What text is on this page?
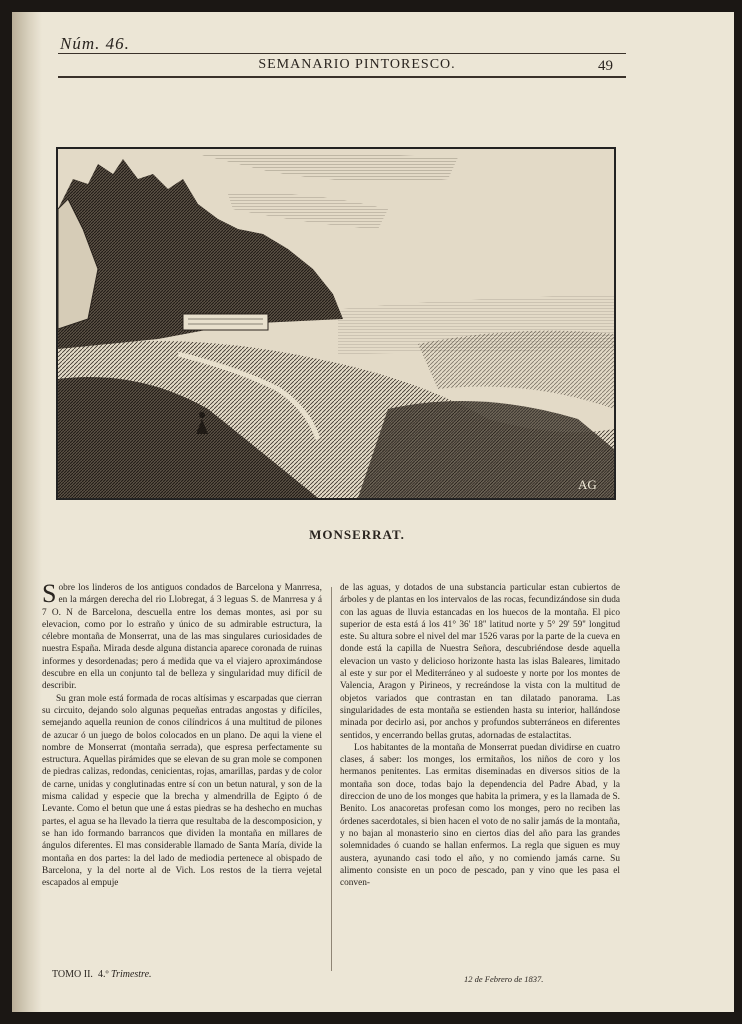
Núm. 46.
SEMANARIO PINTORESCO.	49
AG
MONSERRAT.

Sobre los linderos de los antiguos condados de Barcelona y Manrresa, en la márgen derecha del rio Llobregat, á 3 leguas S. de Manrresa y á 7 O. N de Barcelona, descuella entre los demas montes, asi por su elevacion, como por lo estraño y único de su admirable estructura, la célebre montaña de Monserrat, una de las mas singulares curiosidades de nuestra España. Mirada desde alguna distancia aparece coronada de ruinas informes y desordenadas; pero á medida que va el viajero aproximándose descubre en ella un conjunto tal de belleza y singularidad muy difícil de describir.

Su gran mole está formada de rocas altísimas y escarpadas que cierran su circuito, dejando solo algunas pequeñas entradas angostas y difíciles, semejando aquella reunion de conos cilíndricos á una multitud de pilones de azucar ó un juego de bolos colocados en un plano. De aqui la viene el nombre de Monserrat (montaña serrada), que espresa perfectamente su estructura. Aquellas pirámides que se elevan de su gran mole se componen de piedras calizas, redondas, cenicientas, rojas, amarillas, pardas y de color de carne, unidas y conglutinadas entre sí con un betun natural, y son de la misma calidad y especie que la brecha y almendrilla de Egipto ó de Levante. Como el betun que une á estas piedras se ha deshecho en muchas partes, el agua se ha llevado la tierra que resultaba de la descomposicion, y se han ido formando barrancos que dividen la montaña en millares de ángulos diferentes. El mas considerable llamado de Santa María, divide la montaña en dos partes: la del lado de mediodia pertenece al obispado de Barcelona, y la del norte al de Vich. Los restos de la tierra vejetal escapados al empuje

de las aguas, y dotados de una substancia particular estan cubiertos de árboles y de plantas en los intervalos de las rocas, fecundizándose sin duda con las aguas de lluvia estancadas en los huecos de la montaña. El pico superior de esta está á los 41° 36' 18'' latitud norte y 5° 29' 59'' longitud este. Su altura sobre el nivel del mar 1526 varas por la parte de la cueva en donde está la capilla de Nuestra Señora, descubriéndose desde aquella elevacion un vasto y delicioso horizonte hasta las islas Baleares, limitado al este y sur por el Mediterráneo y al sudoeste y norte por los montes de Valencia, Aragon y Pirineos, y recreándose la vista con la multitud de objetos variados que contrastan en tan dilatado panorama. Las singularidades de esta montaña se estienden hasta su interior, hallándose minada por decirlo asi, por anchos y profundos subterráneos en diferentes sentidos, y encerrando bellas grutas, adornadas de estalactitas.

Los habitantes de la montaña de Monserrat puedan dividirse en cuatro clases, á saber: los monges, los ermitaños, los niños de coro y los hermanos penitentes. Las ermitas diseminadas en diversos sitios de la montaña son doce, todas bajo la dependencia del Padre Abad, y la direccion de uno de los monges que habita la primera, y es la llamada de S. Benito. Los anacoretas profesan como los monges, pero no reciben las órdenes sacerdotales, si bien hacen el voto de no salir jamás de la montaña, y no bajan al monasterio sino en ciertos dias del año para las grandes solemnidades ó cuando se hallan enfermos. La regla que siguen es muy austera, ayunando casi todo el año, y no comiendo jamás carne. Su alimento consiste en un poco de pescado, pan y vino que les pasa el conven-

TOMO II. 4.º Trimestre.	12 de Febrero de 1837.
